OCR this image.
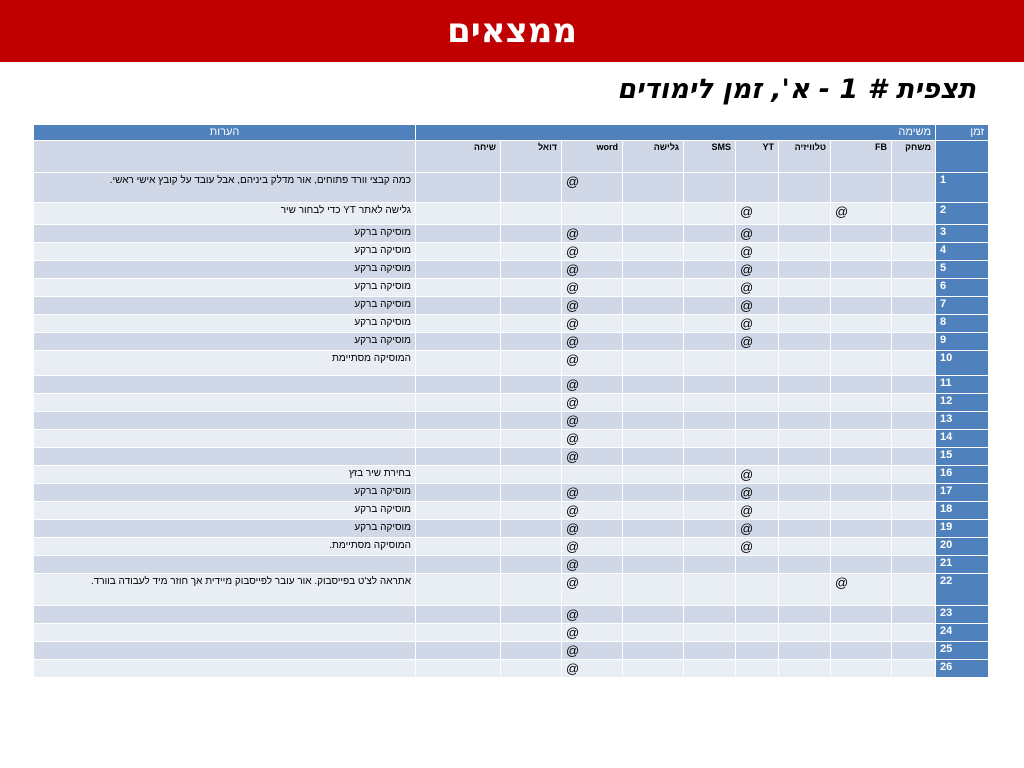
ממצאים
תצפית # 1 - א', זמן לימודים
זמן	משימה									הערות
	משחק	FB	טלוויזיה	YT	SMS	גלישה	word	דואל	שיחה	
1							@			כמה קבצי וורד פתוחים, אור מדלק ביניהם, אבל עובד על קובץ אישי ראשי.
2		@		@						גלישה לאתר YT כדי לבחור שיר
3				@			@			מוסיקה ברקע
4				@			@			מוסיקה ברקע
5				@			@			מוסיקה ברקע
6				@			@			מוסיקה ברקע
7				@			@			מוסיקה ברקע
8				@			@			מוסיקה ברקע
9				@			@			מוסיקה ברקע
10							@			המוסיקה מסתיימת
11							@			
12							@			
13							@			
14							@			
15							@			
16				@						בחירת שיר בזץ
17				@			@			מוסיקה ברקע
18				@			@			מוסיקה ברקע
19				@			@			מוסיקה ברקע
20				@			@			המוסיקה מסתיימת.
21							@			
22		@					@			אתראה לצ'ט בפייסבוק. אור עובר לפייסבוק מיידית אך חוזר מיד לעבודה בוורד.
23							@			
24							@			
25							@			
26							@			
